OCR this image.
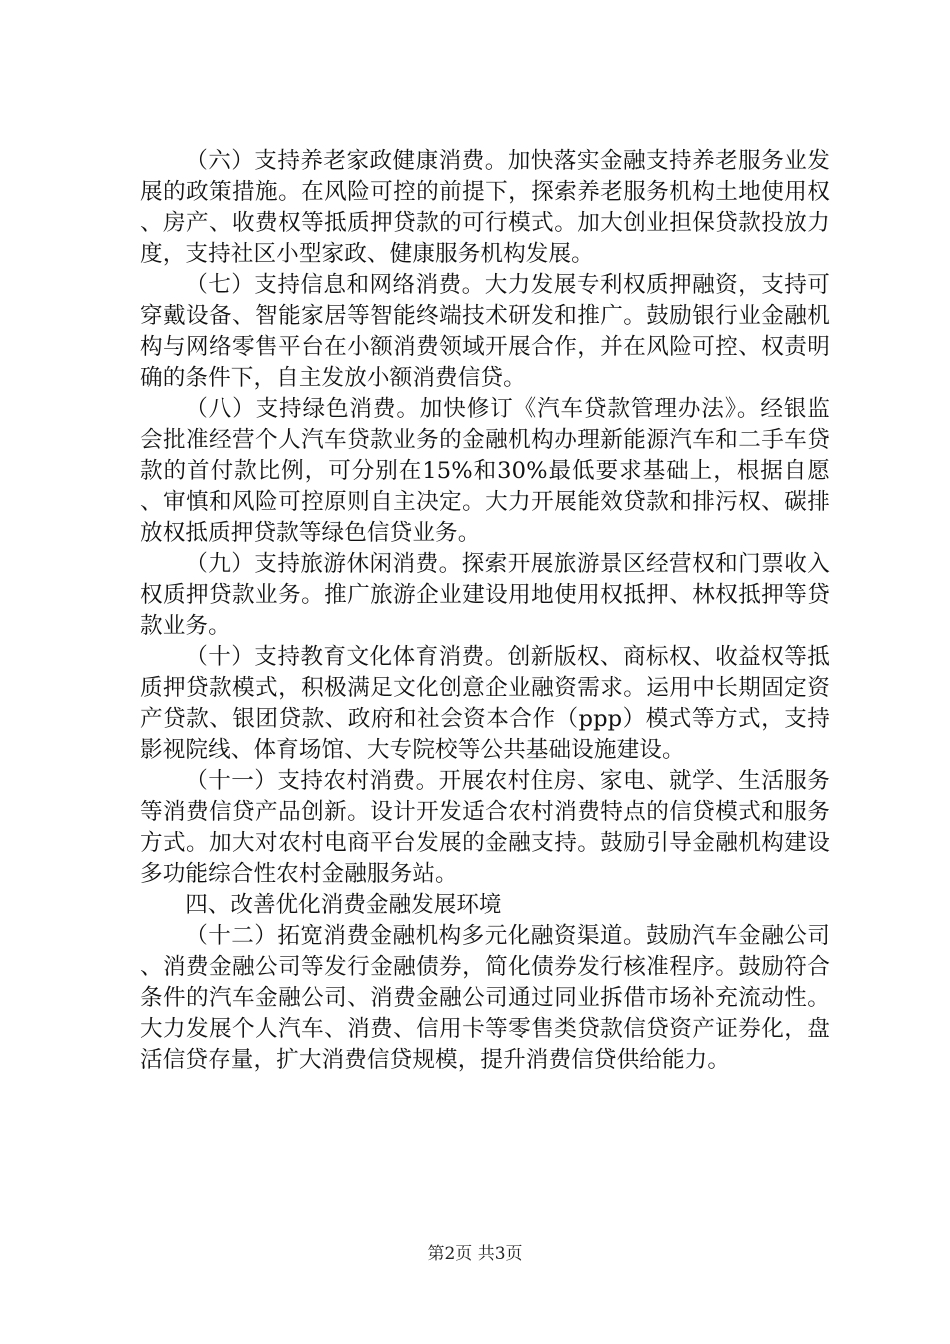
（六）支持养老家政健康消费。加快落实金融支持养老服务业发展的政策措施。在风险可控的前提下，探索养老服务机构土地使用权、房产、收费权等抵质押贷款的可行模式。加大创业担保贷款投放力度，支持社区小型家政、健康服务机构发展。

（七）支持信息和网络消费。大力发展专利权质押融资，支持可穿戴设备、智能家居等智能终端技术研发和推广。鼓励银行业金融机构与网络零售平台在小额消费领域开展合作，并在风险可控、权责明确的条件下，自主发放小额消费信贷。

（八）支持绿色消费。加快修订《汽车贷款管理办法》。经银监会批准经营个人汽车贷款业务的金融机构办理新能源汽车和二手车贷款的首付款比例，可分别在15%和30%最低要求基础上，根据自愿、审慎和风险可控原则自主决定。大力开展能效贷款和排污权、碳排放权抵质押贷款等绿色信贷业务。

（九）支持旅游休闲消费。探索开展旅游景区经营权和门票收入权质押贷款业务。推广旅游企业建设用地使用权抵押、林权抵押等贷款业务。

（十）支持教育文化体育消费。创新版权、商标权、收益权等抵质押贷款模式，积极满足文化创意企业融资需求。运用中长期固定资产贷款、银团贷款、政府和社会资本合作（ppp）模式等方式，支持影视院线、体育场馆、大专院校等公共基础设施建设。

（十一）支持农村消费。开展农村住房、家电、就学、生活服务等消费信贷产品创新。设计开发适合农村消费特点的信贷模式和服务方式。加大对农村电商平台发展的金融支持。鼓励引导金融机构建设多功能综合性农村金融服务站。

四、改善优化消费金融发展环境

（十二）拓宽消费金融机构多元化融资渠道。鼓励汽车金融公司、消费金融公司等发行金融债券，简化债券发行核准程序。鼓励符合条件的汽车金融公司、消费金融公司通过同业拆借市场补充流动性。大力发展个人汽车、消费、信用卡等零售类贷款信贷资产证券化，盘活信贷存量，扩大消费信贷规模，提升消费信贷供给能力。

第2页 共3页
